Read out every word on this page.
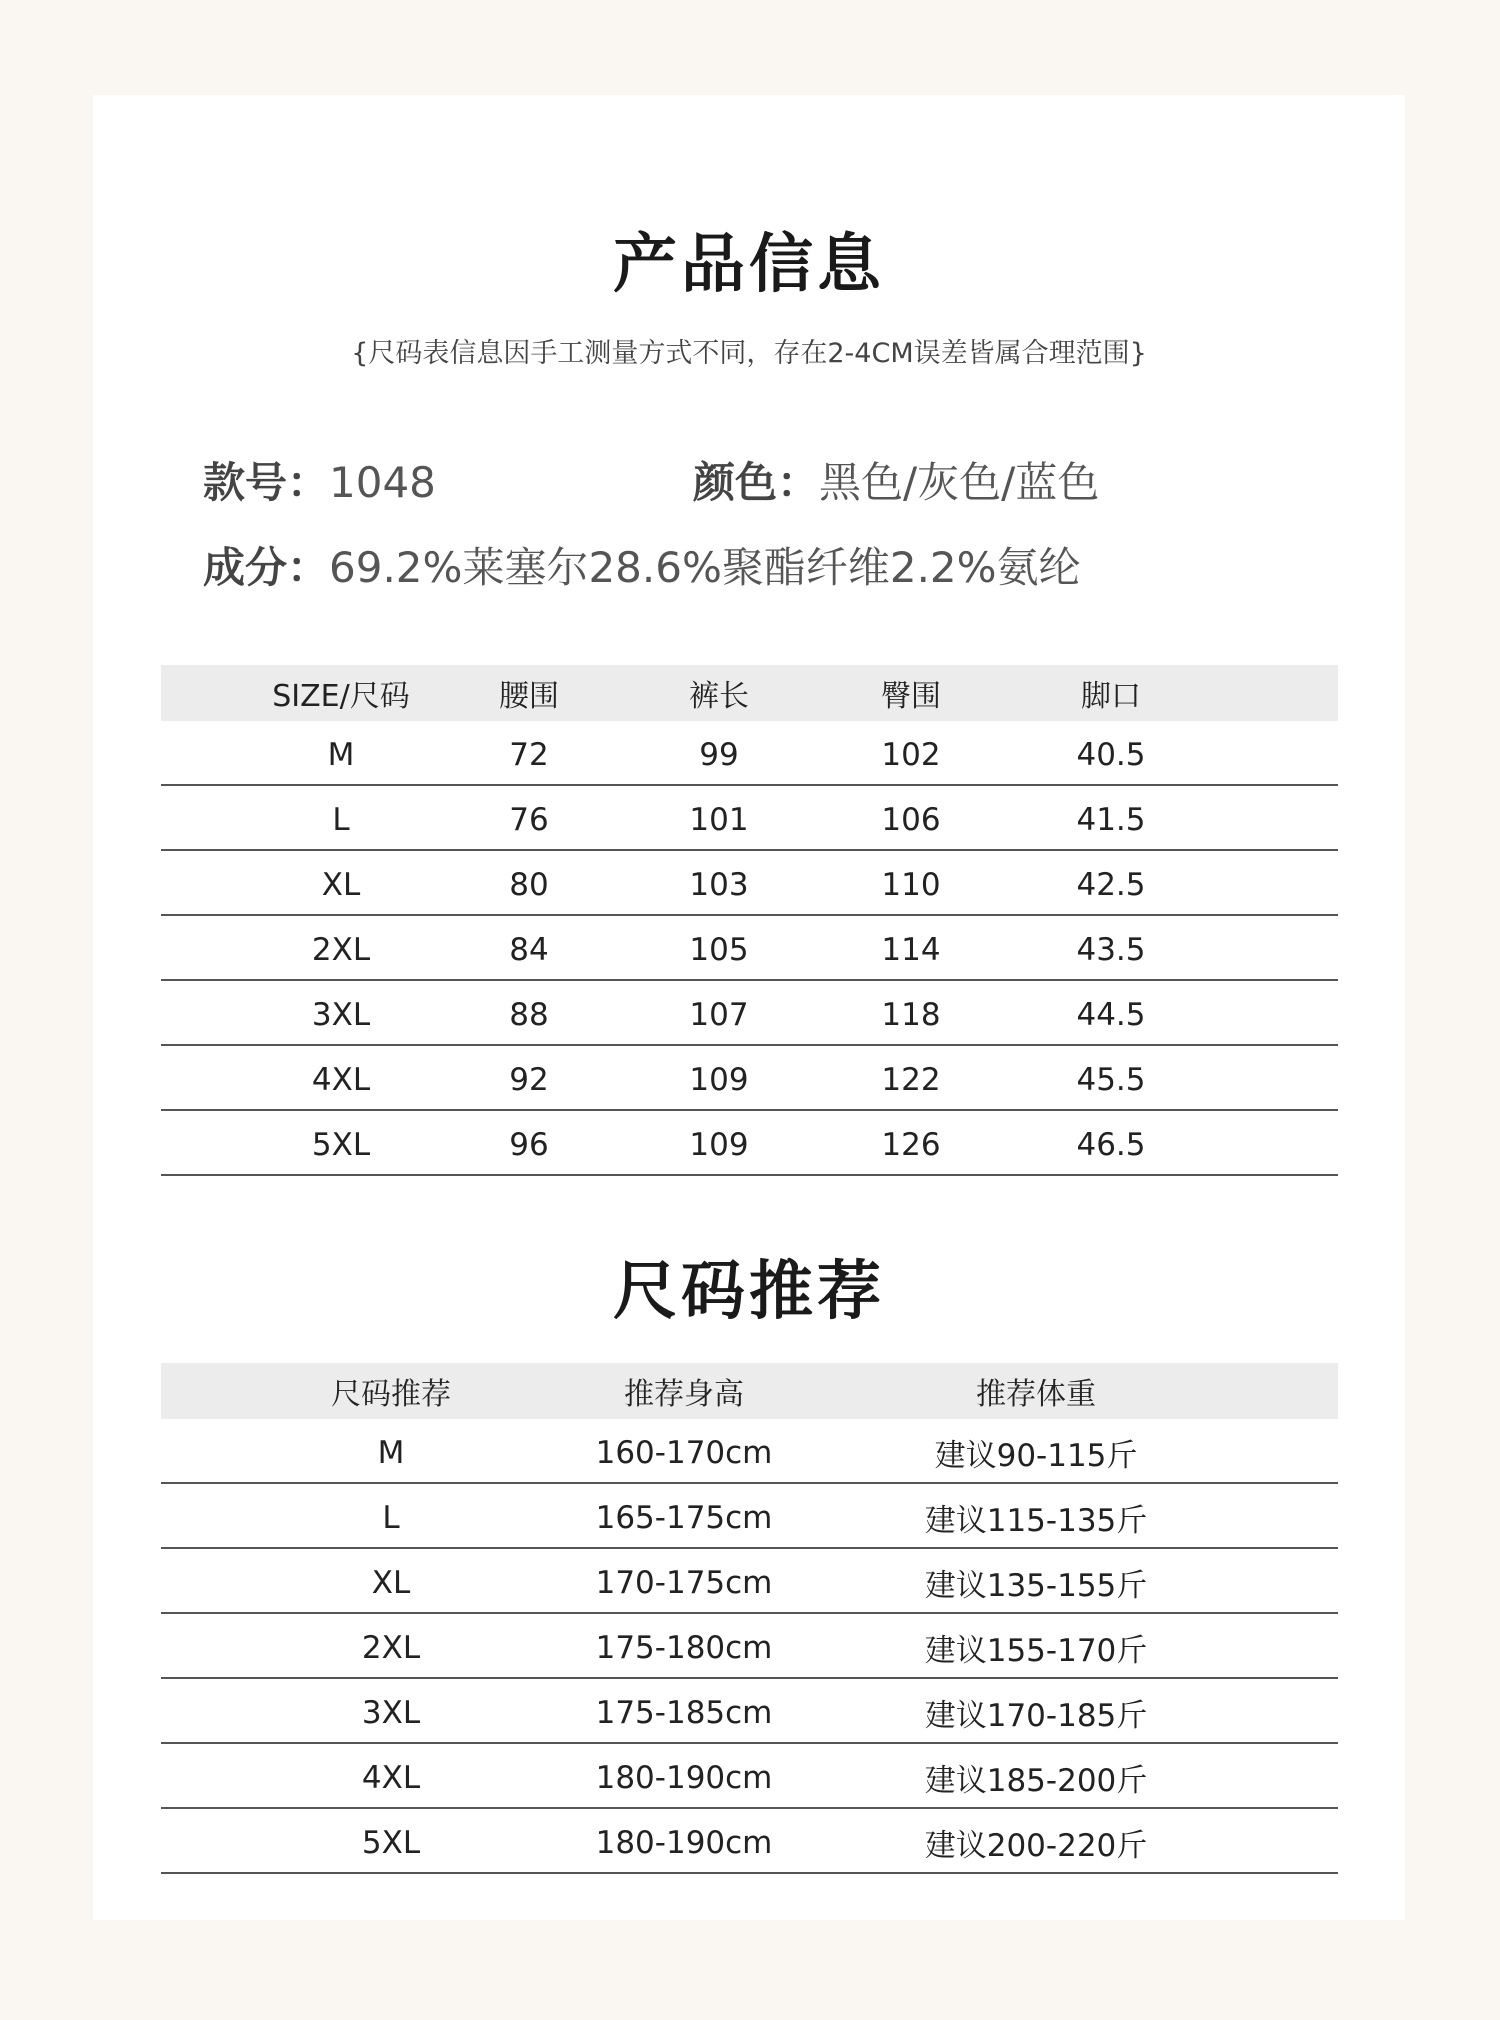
产品信息
{尺码表信息因手工测量方式不同，存在2-4CM误差皆属合理范围}
款号：1048	颜色：黑色/灰色/蓝色
成分：69.2%莱塞尔28.6%聚酯纤维2.2%氨纶
SIZE/尺码	腰围	裤长	臀围	脚口
M	72	99	102	40.5
L	76	101	106	41.5
XL	80	103	110	42.5
2XL	84	105	114	43.5
3XL	88	107	118	44.5
4XL	92	109	122	45.5
5XL	96	109	126	46.5
尺码推荐
尺码推荐	推荐身高	推荐体重
M	160-170cm	建议90-115斤
L	165-175cm	建议115-135斤
XL	170-175cm	建议135-155斤
2XL	175-180cm	建议155-170斤
3XL	175-185cm	建议170-185斤
4XL	180-190cm	建议185-200斤
5XL	180-190cm	建议200-220斤
